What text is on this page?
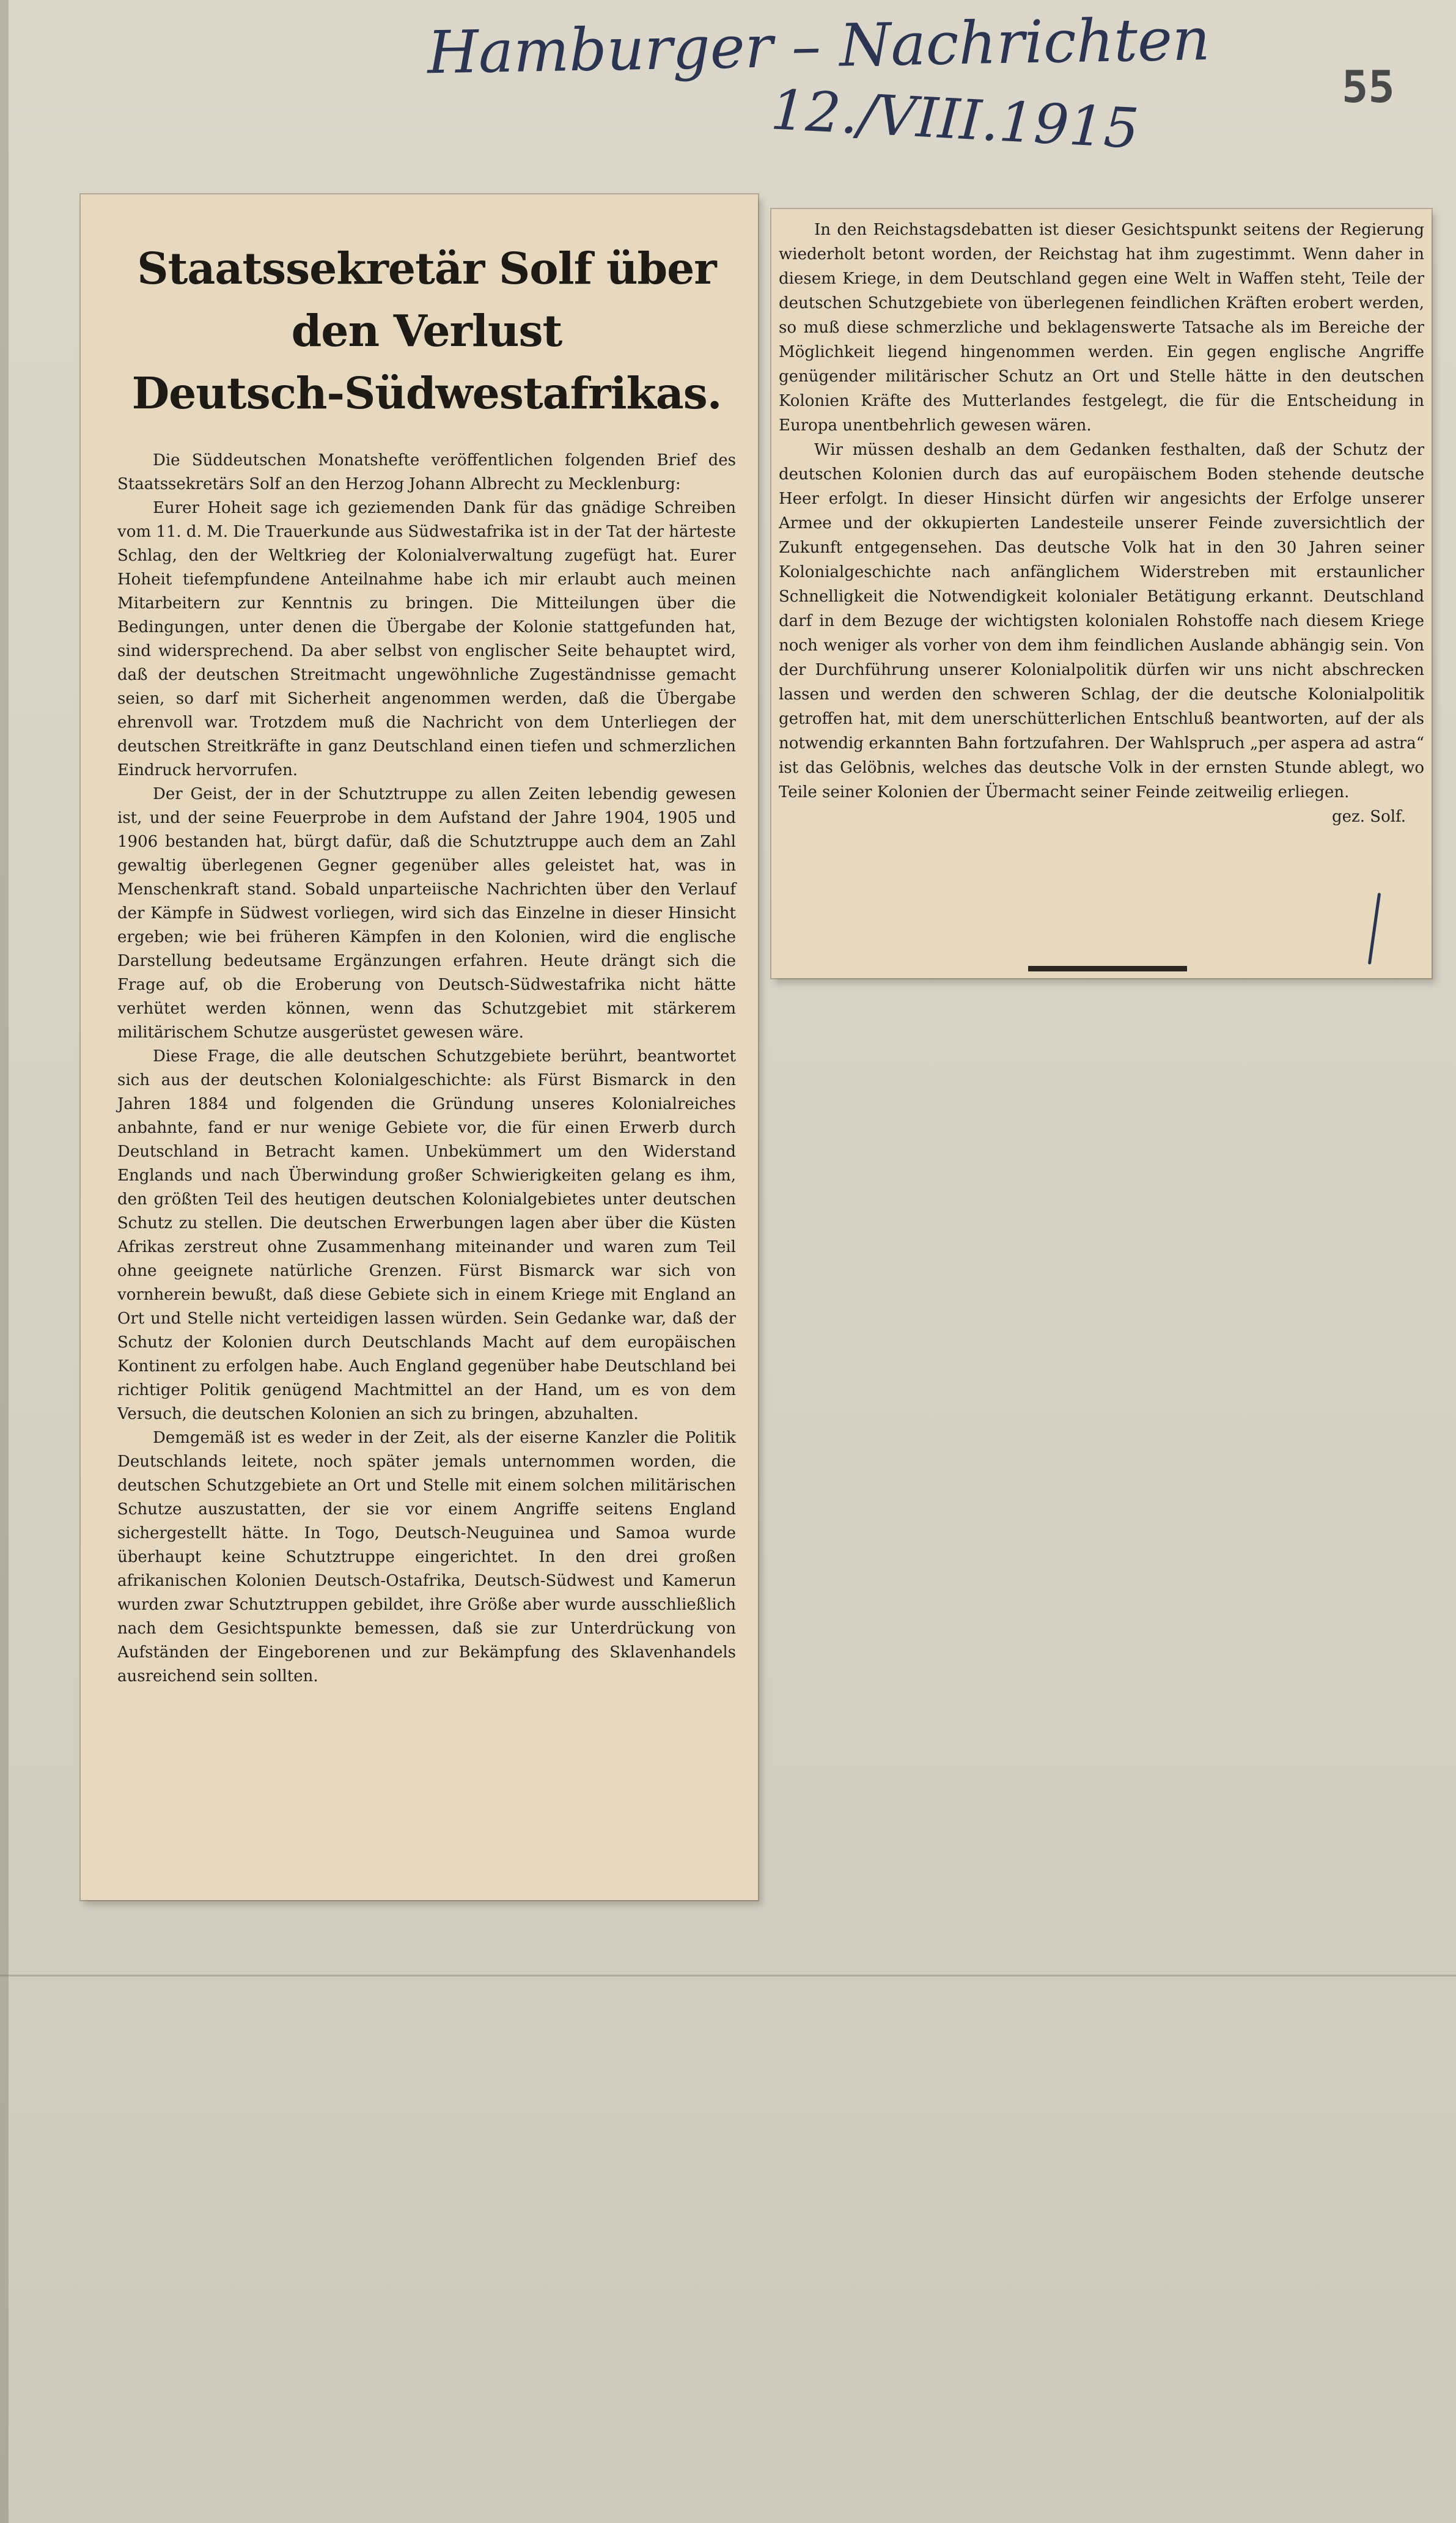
Hamburger – Nachrichten
12./VIII.1915	55
Staatssekretär Solf über den Verlust
Deutsch-Südwestafrikas.

Die Süddeutschen Monatshefte veröffentlichen folgenden Brief des Staatssekretärs Solf an den Herzog Johann Albrecht zu Mecklenburg:

Eurer Hoheit sage ich geziemenden Dank für das gnädige Schreiben vom 11. d. M. Die Trauerkunde aus Südwestafrika ist in der Tat der härteste Schlag, den der Weltkrieg der Kolonialverwaltung zugefügt hat. Eurer Hoheit tiefempfundene Anteilnahme habe ich mir erlaubt auch meinen Mitarbeitern zur Kenntnis zu bringen. Die Mitteilungen über die Bedingungen, unter denen die Übergabe der Kolonie stattgefunden hat, sind widersprechend. Da aber selbst von englischer Seite behauptet wird, daß der deutschen Streitmacht ungewöhnliche Zugeständnisse gemacht seien, so darf mit Sicherheit angenommen werden, daß die Übergabe ehrenvoll war. Trotzdem muß die Nachricht von dem Unterliegen der deutschen Streitkräfte in ganz Deutschland einen tiefen und schmerzlichen Eindruck hervorrufen.

Der Geist, der in der Schutztruppe zu allen Zeiten lebendig gewesen ist, und der seine Feuerprobe in dem Aufstand der Jahre 1904, 1905 und 1906 bestanden hat, bürgt dafür, daß die Schutztruppe auch dem an Zahl gewaltig überlegenen Gegner gegenüber alles geleistet hat, was in Menschenkraft stand. Sobald unparteiische Nachrichten über den Verlauf der Kämpfe in Südwest vorliegen, wird sich das Einzelne in dieser Hinsicht ergeben; wie bei früheren Kämpfen in den Kolonien, wird die englische Darstellung bedeutsame Ergänzungen erfahren. Heute drängt sich die Frage auf, ob die Eroberung von Deutsch-Südwestafrika nicht hätte verhütet werden können, wenn das Schutzgebiet mit stärkerem militärischem Schutze ausgerüstet gewesen wäre.

Diese Frage, die alle deutschen Schutzgebiete berührt, beantwortet sich aus der deutschen Kolonialgeschichte: als Fürst Bismarck in den Jahren 1884 und folgenden die Gründung unseres Kolonialreiches anbahnte, fand er nur wenige Gebiete vor, die für einen Erwerb durch Deutschland in Betracht kamen. Unbekümmert um den Widerstand Englands und nach Überwindung großer Schwierigkeiten gelang es ihm, den größten Teil des heutigen deutschen Kolonialgebietes unter deutschen Schutz zu stellen. Die deutschen Erwerbungen lagen aber über die Küsten Afrikas zerstreut ohne Zusammenhang miteinander und waren zum Teil ohne geeignete natürliche Grenzen. Fürst Bismarck war sich von vornherein bewußt, daß diese Gebiete sich in einem Kriege mit England an Ort und Stelle nicht verteidigen lassen würden. Sein Gedanke war, daß der Schutz der Kolonien durch Deutschlands Macht auf dem europäischen Kontinent zu erfolgen habe. Auch England gegenüber habe Deutschland bei richtiger Politik genügend Machtmittel an der Hand, um es von dem Versuch, die deutschen Kolonien an sich zu bringen, abzuhalten.

Demgemäß ist es weder in der Zeit, als der eiserne Kanzler die Politik Deutschlands leitete, noch später jemals unternommen worden, die deutschen Schutzgebiete an Ort und Stelle mit einem solchen militärischen Schutze auszustatten, der sie vor einem Angriffe seitens England sichergestellt hätte. In Togo, Deutsch-Neuguinea und Samoa wurde überhaupt keine Schutztruppe eingerichtet. In den drei großen afrikanischen Kolonien Deutsch-Ostafrika, Deutsch-Südwest und Kamerun wurden zwar Schutztruppen gebildet, ihre Größe aber wurde ausschließlich nach dem Gesichtspunkte bemessen, daß sie zur Unterdrückung von Aufständen der Eingeborenen und zur Bekämpfung des Sklavenhandels ausreichend sein sollten.

In den Reichstagsdebatten ist dieser Gesichtspunkt seitens der Regierung wiederholt betont worden, der Reichstag hat ihm zugestimmt. Wenn daher in diesem Kriege, in dem Deutschland gegen eine Welt in Waffen steht, Teile der deutschen Schutzgebiete von überlegenen feindlichen Kräften erobert werden, so muß diese schmerzliche und beklagenswerte Tatsache als im Bereiche der Möglichkeit liegend hingenommen werden. Ein gegen englische Angriffe genügender militärischer Schutz an Ort und Stelle hätte in den deutschen Kolonien Kräfte des Mutterlandes festgelegt, die für die Entscheidung in Europa unentbehrlich gewesen wären.

Wir müssen deshalb an dem Gedanken festhalten, daß der Schutz der deutschen Kolonien durch das auf europäischem Boden stehende deutsche Heer erfolgt. In dieser Hinsicht dürfen wir angesichts der Erfolge unserer Armee und der okkupierten Landesteile unserer Feinde zuversichtlich der Zukunft entgegensehen. Das deutsche Volk hat in den 30 Jahren seiner Kolonialgeschichte nach anfänglichem Widerstreben mit erstaunlicher Schnelligkeit die Notwendigkeit kolonialer Betätigung erkannt. Deutschland darf in dem Bezuge der wichtigsten kolonialen Rohstoffe nach diesem Kriege noch weniger als vorher von dem ihm feindlichen Auslande abhängig sein. Von der Durchführung unserer Kolonialpolitik dürfen wir uns nicht abschrecken lassen und werden den schweren Schlag, der die deutsche Kolonialpolitik getroffen hat, mit dem unerschütterlichen Entschluß beantworten, auf der als notwendig erkannten Bahn fortzufahren. Der Wahlspruch „per aspera ad astra“ ist das Gelöbnis, welches das deutsche Volk in der ernsten Stunde ablegt, wo Teile seiner Kolonien der Übermacht seiner Feinde zeitweilig erliegen.

gez. Solf.
